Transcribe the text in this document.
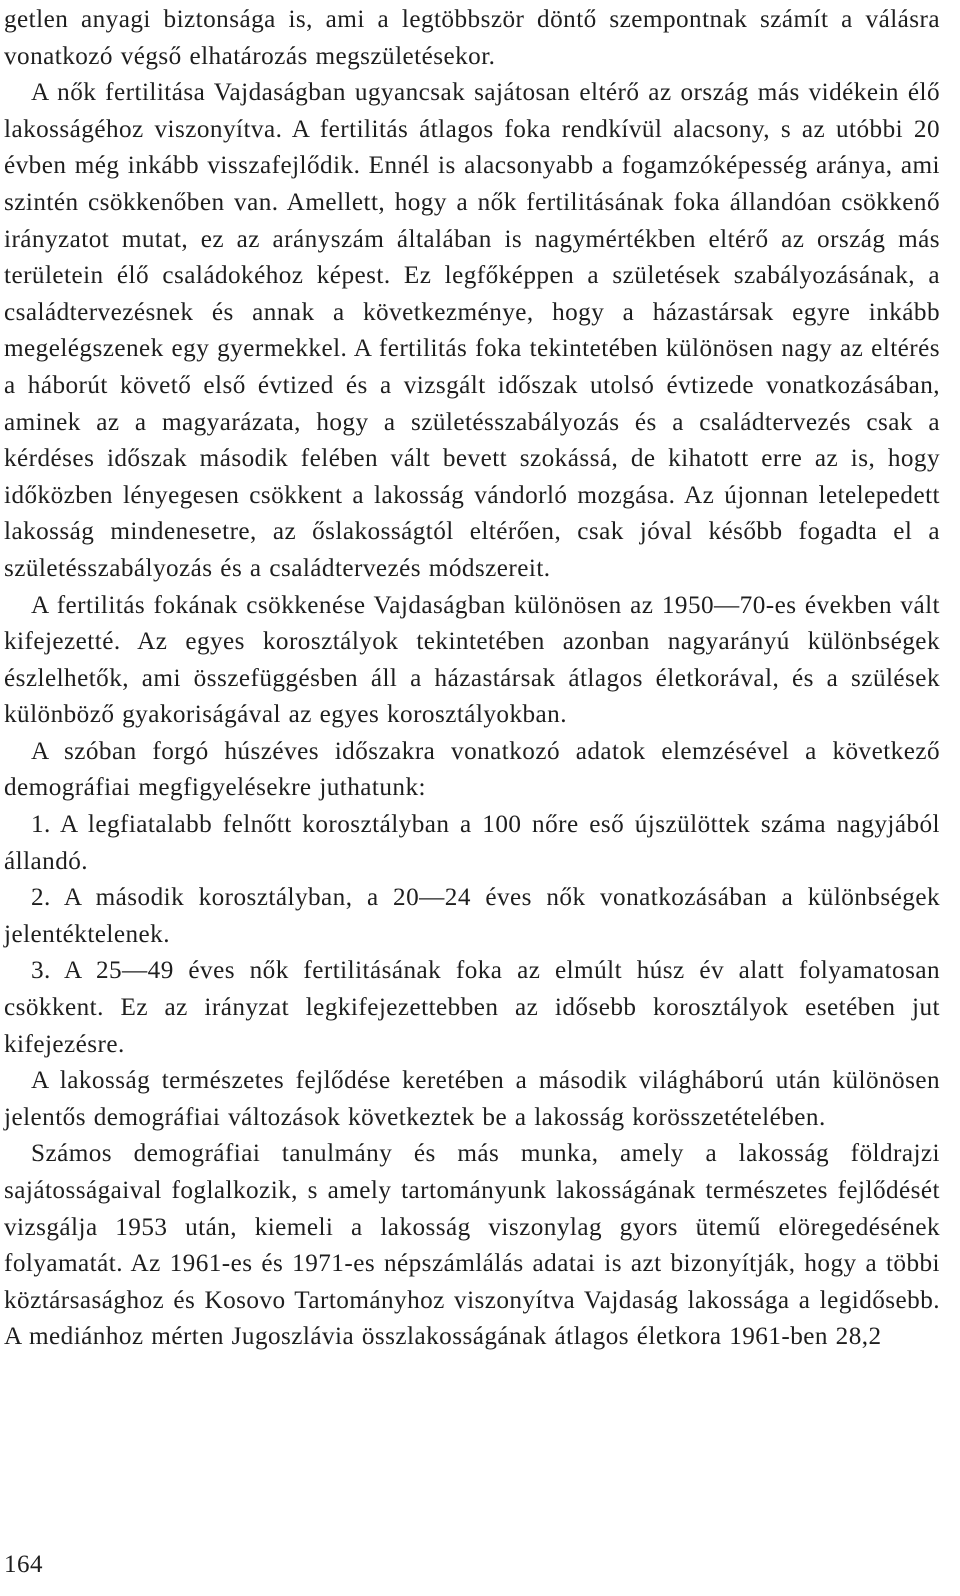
getlen anyagi biztonsága is, ami a legtöbbször döntő szempontnak számít a válásra vonatkozó végső elhatározás megszületésekor.

A nők fertilitása Vajdaságban ugyancsak sajátosan eltérő az ország más vidékein élő lakosságéhoz viszonyítva. A fertilitás átlagos foka rendkívül alacsony, s az utóbbi 20 évben még inkább visszafejlődik. Ennél is alacsonyabb a fogamzóképesség aránya, ami szintén csökkenőben van. Amellett, hogy a nők fertilitásának foka állandóan csökkenő irányzatot mutat, ez az arányszám általában is nagymértékben eltérő az ország más területein élő családokéhoz képest. Ez legfőképpen a születések szabályozásának, a családtervezésnek és annak a következménye, hogy a házastársak egyre inkább megelégszenek egy gyermekkel. A fertilitás foka tekintetében különösen nagy az eltérés a háborút követő első évtized és a vizsgált időszak utolsó évtizede vonatkozásában, aminek az a magyarázata, hogy a születésszabályozás és a családtervezés csak a kérdéses időszak második felében vált bevett szokássá, de kihatott erre az is, hogy időközben lényegesen csökkent a lakosság vándorló mozgása. Az újonnan letelepedett lakosság mindenesetre, az őslakosságtól eltérően, csak jóval később fogadta el a születésszabályozás és a családtervezés módszereit.

A fertilitás fokának csökkenése Vajdaságban különösen az 1950—70-es években vált kifejezetté. Az egyes korosztályok tekintetében azonban nagyarányú különbségek észlelhetők, ami összefüggésben áll a házastársak átlagos életkorával, és a szülések különböző gyakoriságával az egyes korosztályokban.

A szóban forgó húszéves időszakra vonatkozó adatok elemzésével a következő demográfiai megfigyelésekre juthatunk:

1. A legfiatalabb felnőtt korosztályban a 100 nőre eső újszülöttek száma nagyjából állandó.

2. A második korosztályban, a 20—24 éves nők vonatkozásában a különbségek jelentéktelenek.

3. A 25—49 éves nők fertilitásának foka az elmúlt húsz év alatt folyamatosan csökkent. Ez az irányzat legkifejezettebben az idősebb korosztályok esetében jut kifejezésre.

A lakosság természetes fejlődése keretében a második világháború után különösen jelentős demográfiai változások következtek be a lakosság korösszetételében.

Számos demográfiai tanulmány és más munka, amely a lakosság földrajzi sajátosságaival foglalkozik, s amely tartományunk lakosságának természetes fejlődését vizsgálja 1953 után, kiemeli a lakosság viszonylag gyors ütemű elöregedésének folyamatát. Az 1961-es és 1971-es népszámlálás adatai is azt bizonyítják, hogy a többi köztársasághoz és Kosovo Tartományhoz viszonyítva Vajdaság lakossága a legidősebb. A mediánhoz mérten Jugoszlávia összlakosságának átlagos életkora 1961-ben 28,2

164
